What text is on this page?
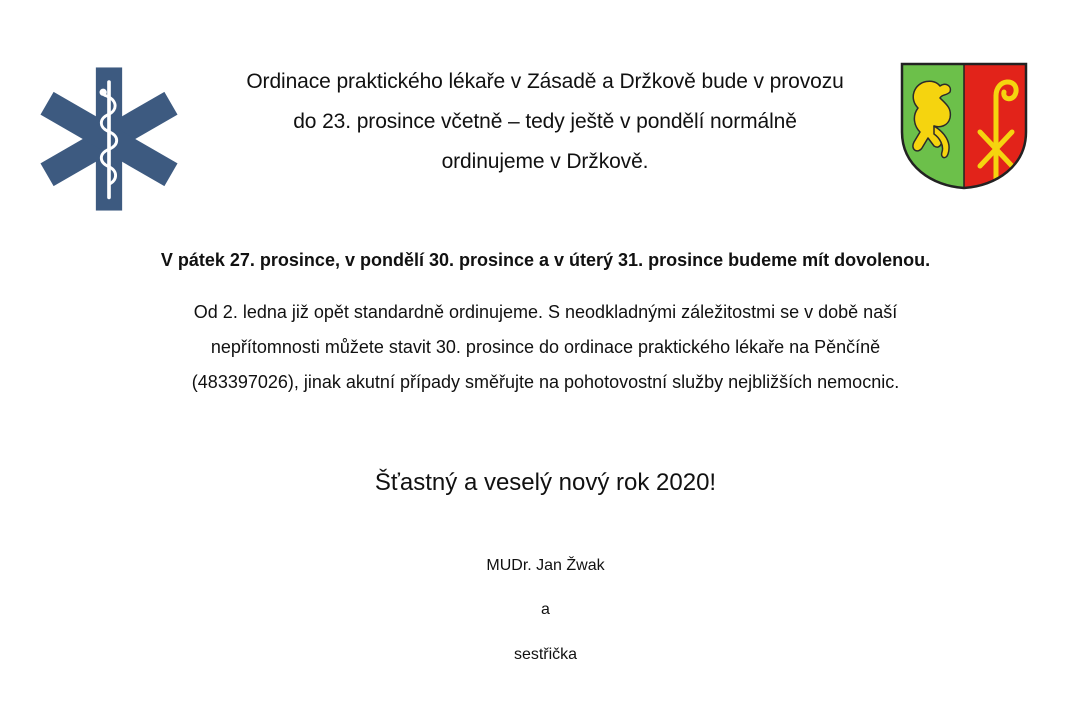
Ordinace praktického lékaře v Zásadě a Držkově bude v provozu
do 23. prosince včetně – tedy ještě v pondělí normálně
ordinujeme v Držkově.
V pátek 27. prosince, v pondělí 30. prosince a v úterý 31. prosince budeme mít dovolenou.
Od 2. ledna již opět standardně ordinujeme. S neodkladnými záležitostmi se v době naší
nepřítomnosti můžete stavit 30. prosince do ordinace praktického lékaře na Pěnčíně
(483397026), jinak akutní případy směřujte na pohotovostní služby nejbližších nemocnic.
Šťastný a veselý nový rok 2020!
MUDr. Jan Žwak
a
sestřička
